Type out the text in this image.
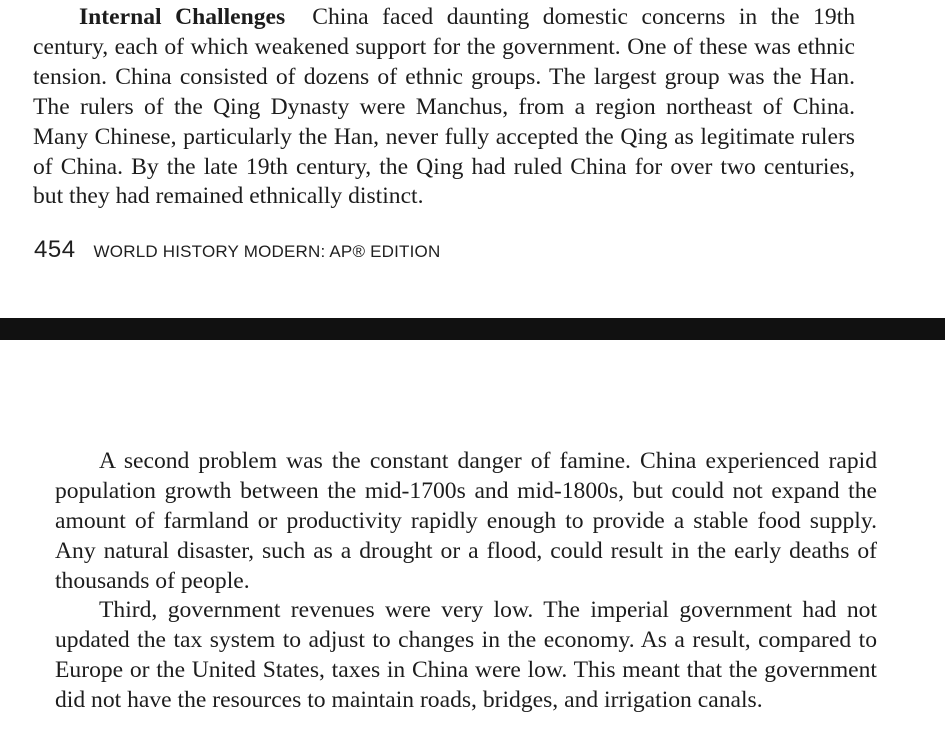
Internal Challenges China faced daunting domestic concerns in the 19th century, each of which weakened support for the government. One of these was ethnic tension. China consisted of dozens of ethnic groups. The largest group was the Han. The rulers of the Qing Dynasty were Manchus, from a region northeast of China. Many Chinese, particularly the Han, never fully accepted the Qing as legitimate rulers of China. By the late 19th century, the Qing had ruled China for over two centuries, but they had remained ethnically distinct.

454 WORLD HISTORY MODERN: AP® EDITION

A second problem was the constant danger of famine. China experienced rapid population growth between the mid-1700s and mid-1800s, but could not expand the amount of farmland or productivity rapidly enough to provide a stable food supply. Any natural disaster, such as a drought or a flood, could result in the early deaths of thousands of people.

Third, government revenues were very low. The imperial government had not updated the tax system to adjust to changes in the economy. As a result, compared to Europe or the United States, taxes in China were low. This meant that the government did not have the resources to maintain roads, bridges, and irrigation canals.
